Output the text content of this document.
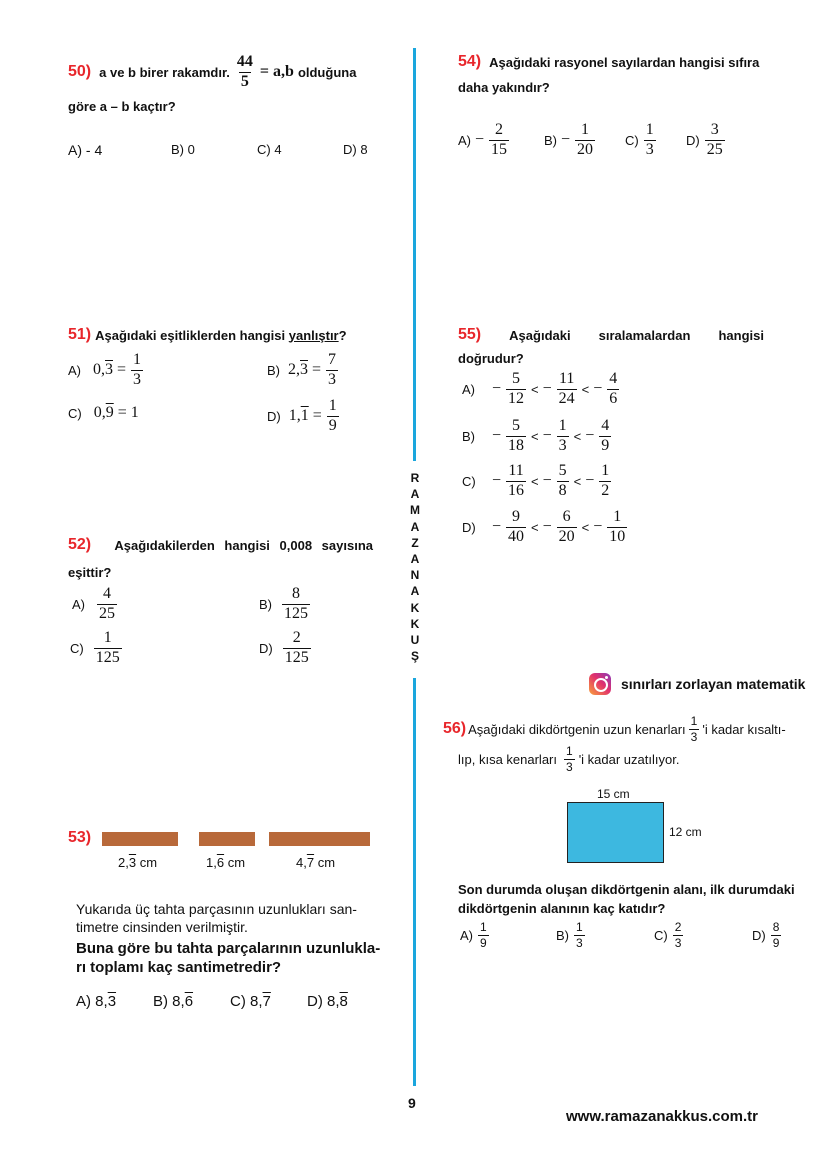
50) a ve b birer rakamdır. $\frac{44}{5} = a,b$ olduğuna
göre a – b kaçtır?
A) - 4	B) 0	C) 4	D) 8
51) Aşağıdaki eşitliklerden hangisi yanlıştır?
A) $0,3 = \frac{1}{3}$	B) $2,3 = \frac{7}{3}$
C) 0,9 = 1	D) $1,1 = \frac{1}{9}$
52) Aşağıdakilerden hangisi 0,008 sayısına
eşittir?
$A) \frac{4}{25}$	$B) \frac{8}{125}$
$C) \frac{1}{125}$	$D) \frac{2}{125}$
53)
2,3 cm	1,6 cm	4,7 cm
Yukarıda üç tahta parçasının uzunlukları san-
timetre cinsinden verilmiştir.
Buna göre bu tahta parçalarının uzunlukla-
rı toplamı kaç santimetredir?
A) 8,3 B) 8,6 C) 8,7 D) 8,8
R
A
M
A
Z
A
N
A
K
K
U
Ş
54) Aşağıdaki rasyonel sayılardan hangisi sıfıra
daha yakındır?
$A) - \frac{2}{15}$	$B) - \frac{1}{20} C) \frac{1}{3} D) \frac{3}{25}$
55) Aşağıdaki sıralamalardan hangisi
doğrudur?
A)	− $\frac{5}{12}$ < − $\frac{11}{24}$ < − $\frac{4}{6}$
B)	− $\frac{5}{18}$ < − $\frac{1}{3}$ < − $\frac{4}{9}$
C)	− $\frac{11}{16}$ < − $\frac{5}{8}$ < − $\frac{1}{2}$
D)	− $\frac{9}{40}$ < − $\frac{6}{20}$ < − $\frac{1}{10}$
sınırları zorlayan matematik
56) Aşağıdaki dikdörtgenin uzun kenarları $\frac{1}{3}$ 'i kadar kısaltı-
lıp, kısa kenarları $\frac{1}{3}$ 'i kadar uzatılıyor.
15 cm
12 cm
Son durumda oluşan dikdörtgenin alanı, ilk durumdaki
dikdörtgenin alanının kaç katıdır?
$A) \frac{1}{9}$	$B) \frac{1}{3}$	$C) \frac{2}{3}$	$D) \frac{8}{9}$
9
www.ramazanakkus.com.tr
